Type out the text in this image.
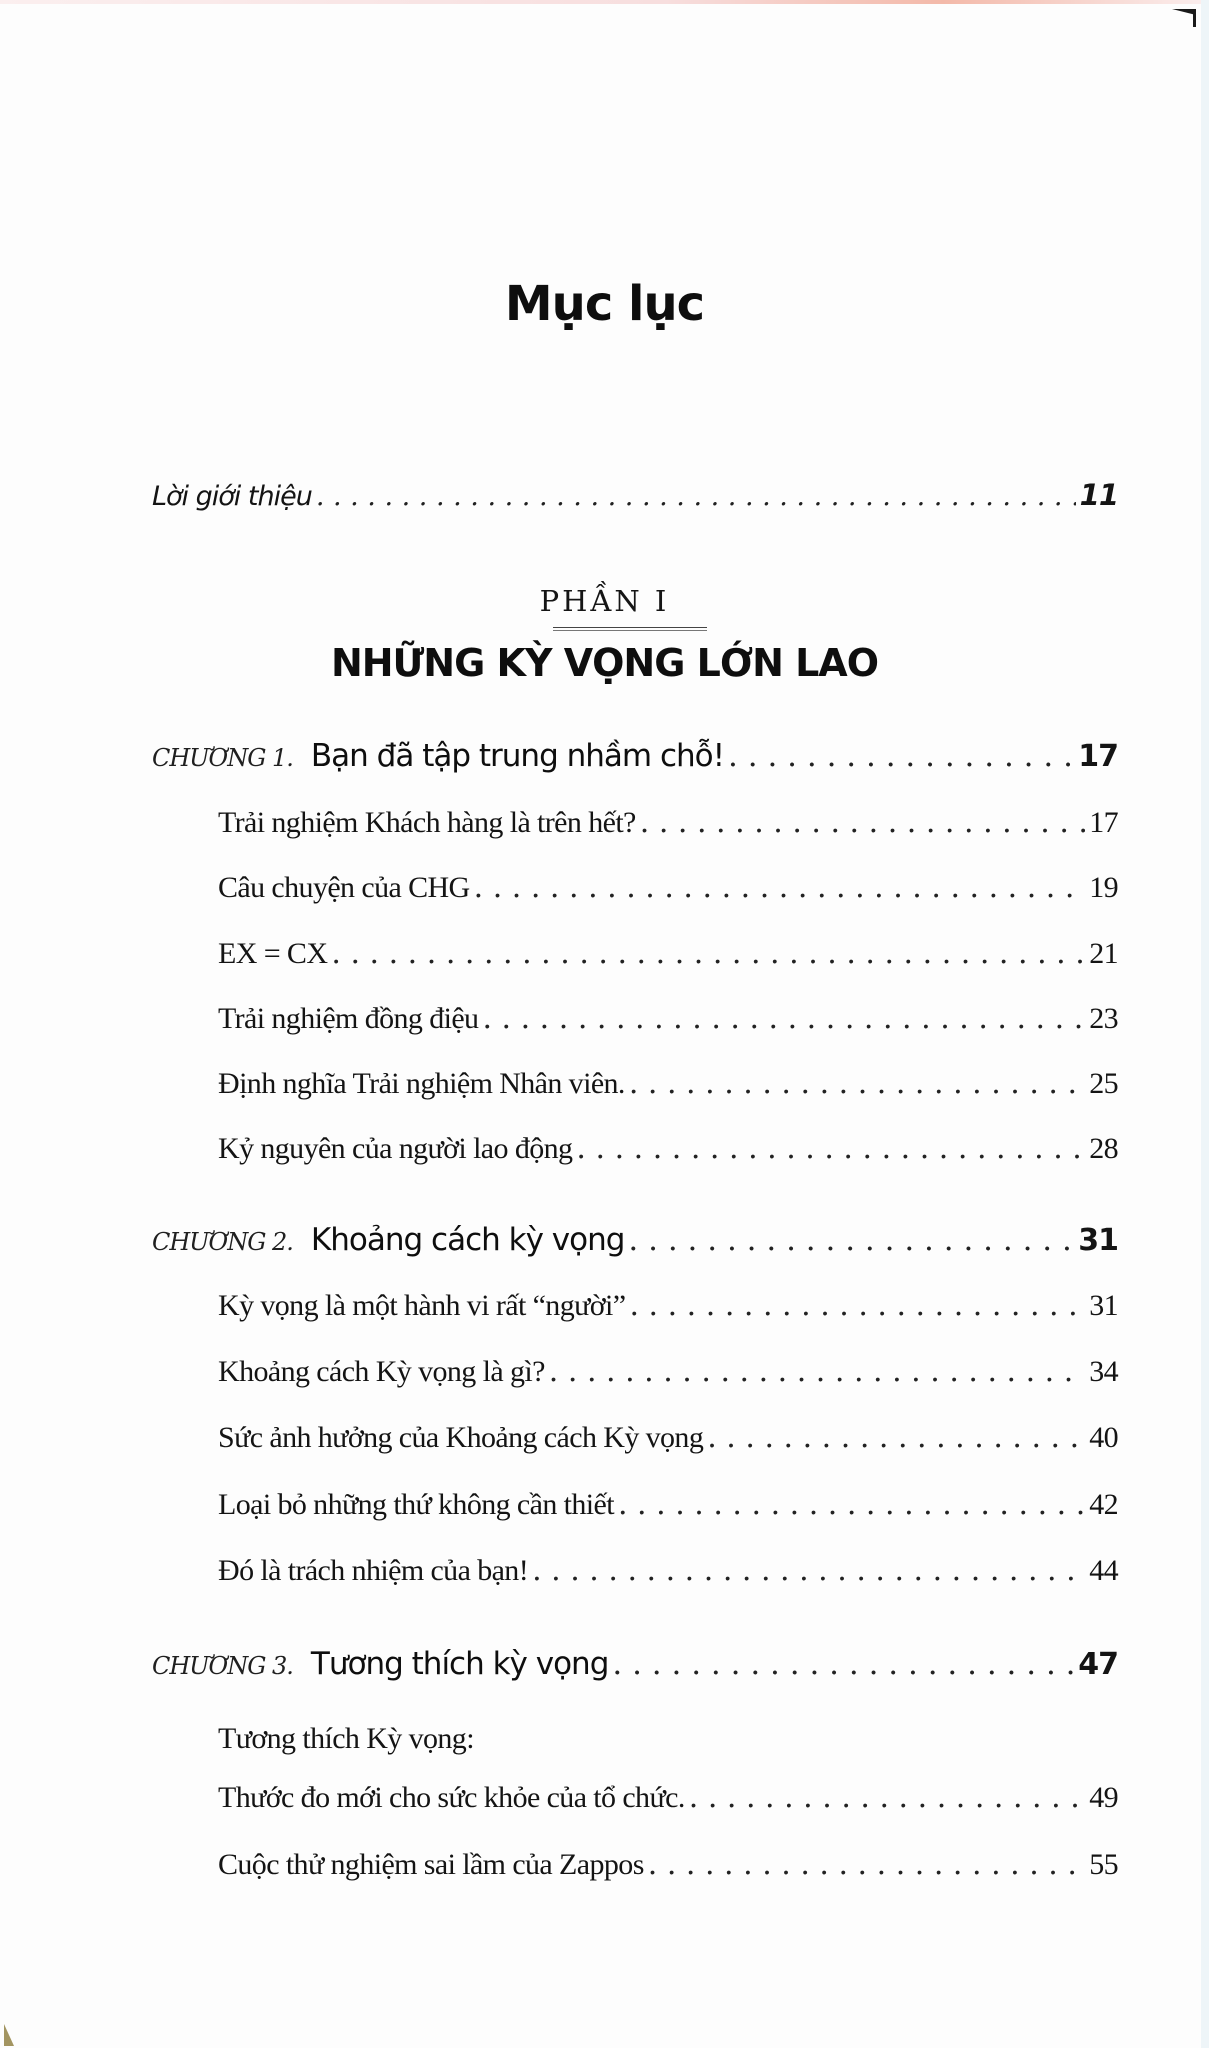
Mục lục
Lời giới thiệu . . .	11
PHẦN I
NHỮNG KỲ VỌNG LỚN LAO
CHƯƠNG 1. Bạn đã tập trung nhầm chỗ! . . .	17
Trải nghiệm Khách hàng là trên hết? . . .	17
Câu chuyện của CHG . . .	19
EX = CX . . .	21
Trải nghiệm đồng điệu . . .	23
Định nghĩa Trải nghiệm Nhân viên. . . .	25
Kỷ nguyên của người lao động . . .	28
CHƯƠNG 2. Khoảng cách kỳ vọng . . .	31
Kỳ vọng là một hành vi rất “người” . . .	31
Khoảng cách Kỳ vọng là gì? . . .	34
Sức ảnh hưởng của Khoảng cách Kỳ vọng . . .	40
Loại bỏ những thứ không cần thiết . . .	42
Đó là trách nhiệm của bạn! . . .	44
CHƯƠNG 3. Tương thích kỳ vọng . . .	47
Tương thích Kỳ vọng:
Thước đo mới cho sức khỏe của tổ chức. . . .	49
Cuộc thử nghiệm sai lầm của Zappos . . .	55
